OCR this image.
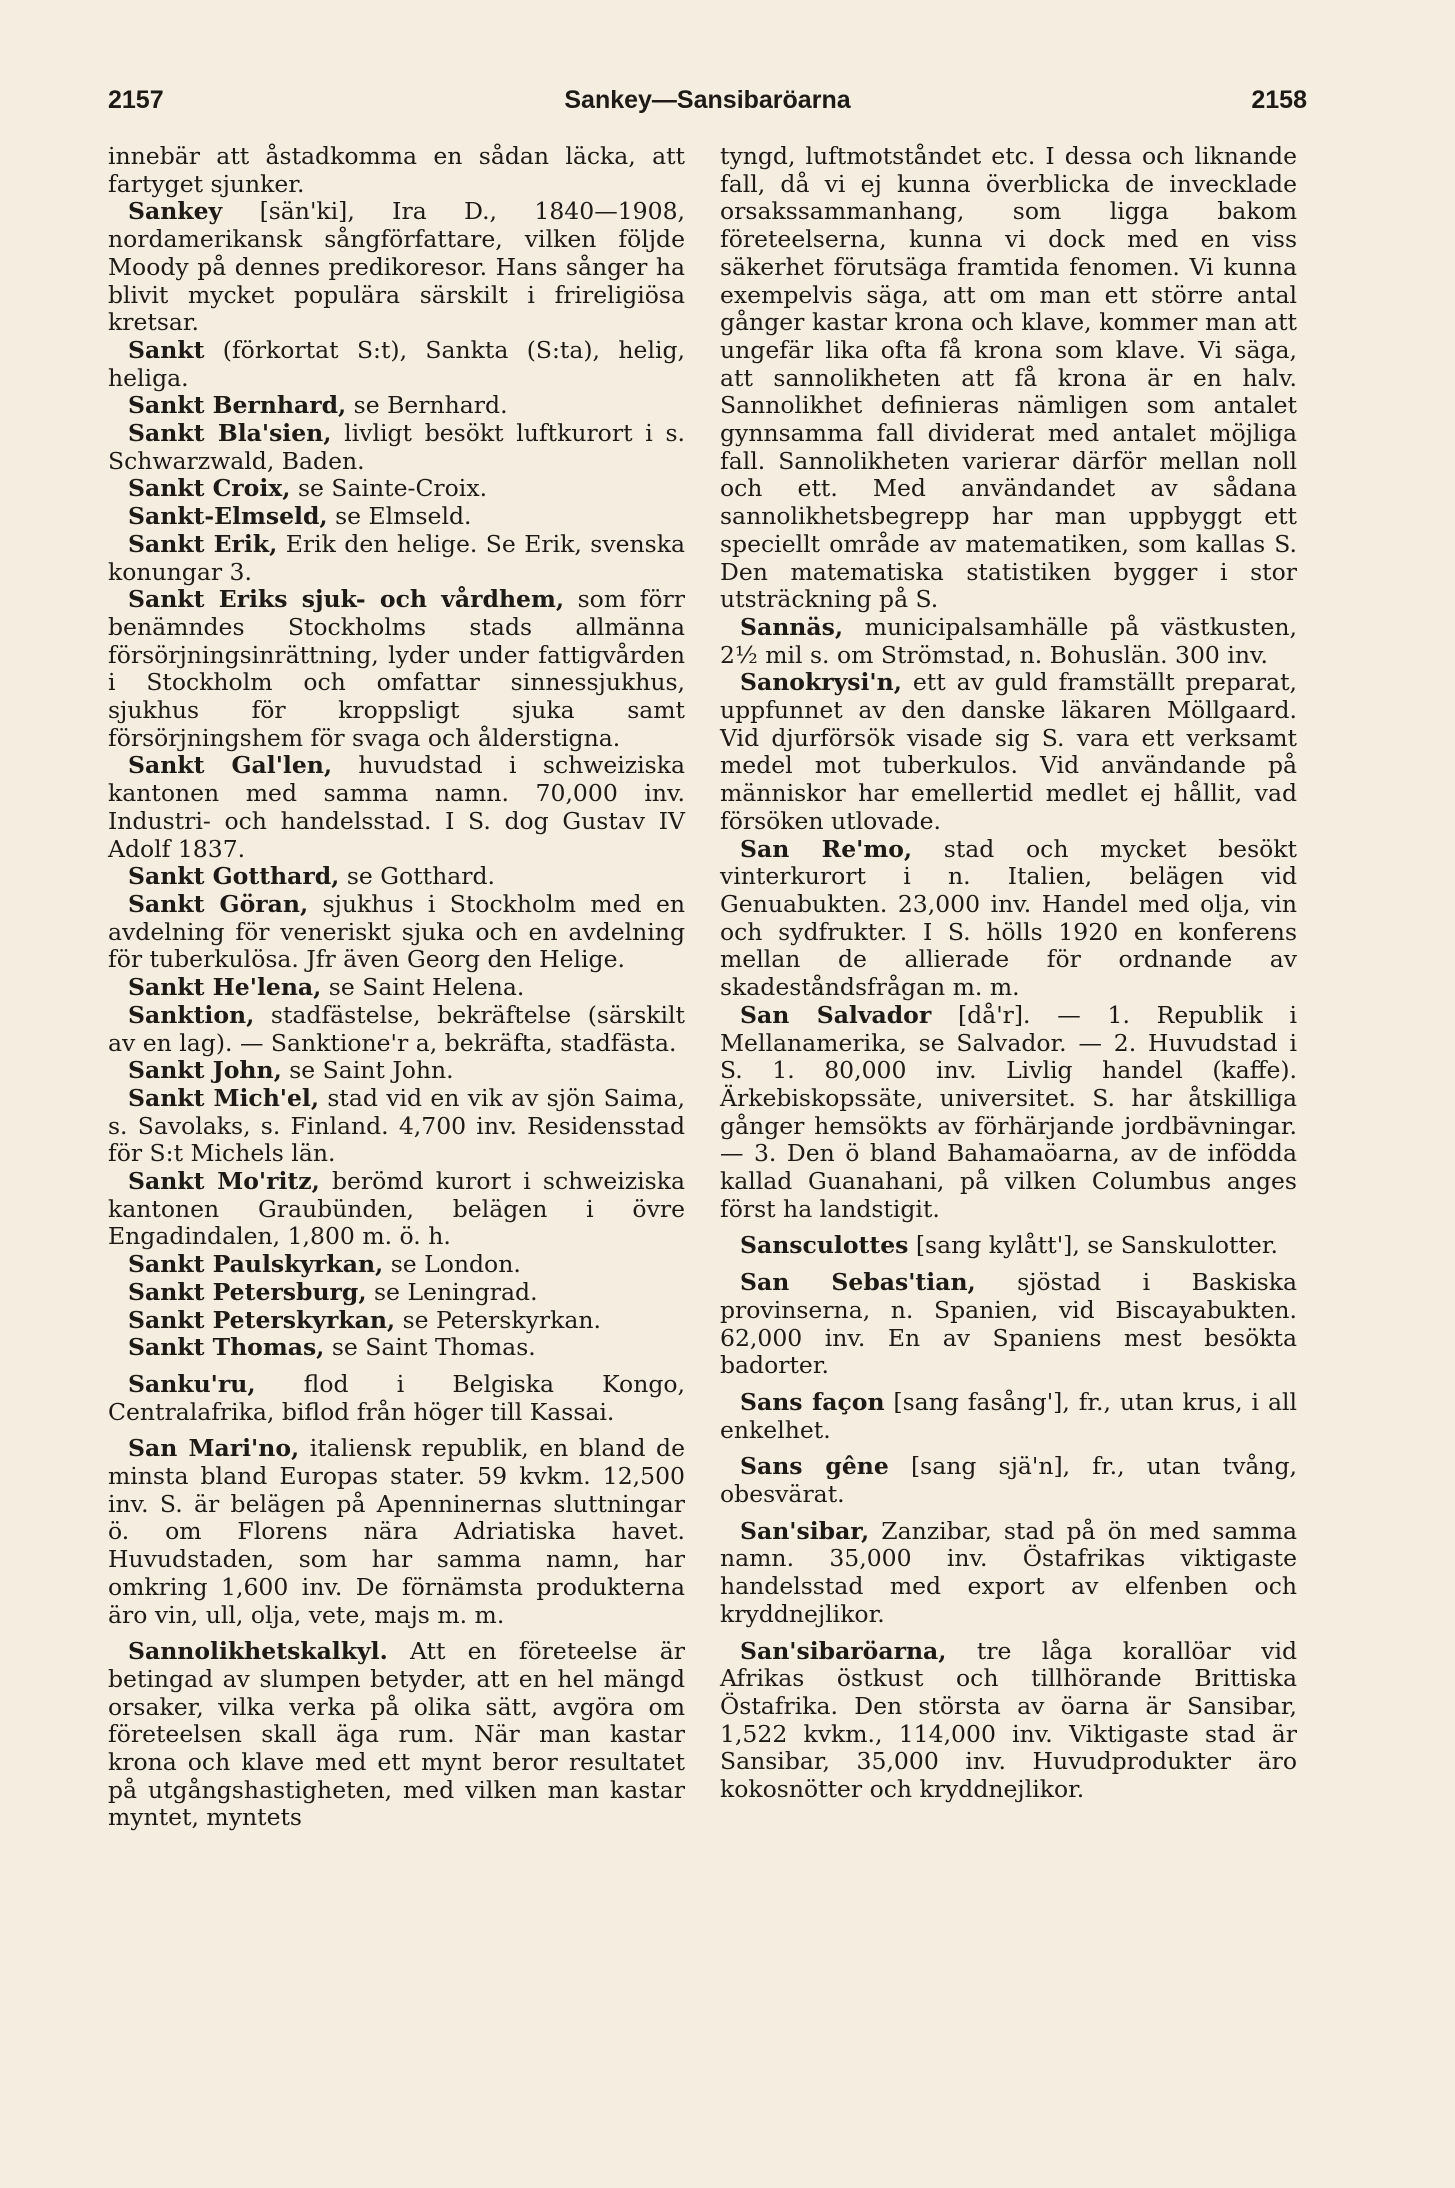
2157	Sankey—Sansibaröarna	2158

innebär att åstadkomma en sådan läcka, att fartyget sjunker.

Sankey [sän'ki], Ira D., 1840—1908, nordamerikansk sångförfattare, vilken följde Moody på dennes predikoresor. Hans sånger ha blivit mycket populära särskilt i frireligiösa kretsar.

Sankt (förkortat S:t), Sankta (S:ta), helig, heliga.

Sankt Bernhard, se Bernhard.

Sankt Bla'sien, livligt besökt luftkurort i s. Schwarzwald, Baden.

Sankt Croix, se Sainte-Croix.

Sankt-Elmseld, se Elmseld.

Sankt Erik, Erik den helige. Se Erik, svenska konungar 3.

Sankt Eriks sjuk- och vårdhem, som förr benämndes Stockholms stads allmänna försörjningsinrättning, lyder under fattigvården i Stockholm och omfattar sinnessjukhus, sjukhus för kroppsligt sjuka samt försörjningshem för svaga och ålderstigna.

Sankt Gal'len, huvudstad i schweiziska kantonen med samma namn. 70,000 inv. Industri- och handelsstad. I S. dog Gustav IV Adolf 1837.

Sankt Gotthard, se Gotthard.

Sankt Göran, sjukhus i Stockholm med en avdelning för veneriskt sjuka och en avdelning för tuberkulösa. Jfr även Georg den Helige.

Sankt He'lena, se Saint Helena.

Sanktion, stadfästelse, bekräftelse (särskilt av en lag). — Sanktione'r a, bekräfta, stadfästa.

Sankt John, se Saint John.

Sankt Mich'el, stad vid en vik av sjön Saima, s. Savolaks, s. Finland. 4,700 inv. Residensstad för S:t Michels län.

Sankt Mo'ritz, berömd kurort i schweiziska kantonen Graubünden, belägen i övre Engadindalen, 1,800 m. ö. h.

Sankt Paulskyrkan, se London.

Sankt Petersburg, se Leningrad.

Sankt Peterskyrkan, se Peterskyrkan.

Sankt Thomas, se Saint Thomas.

Sanku'ru, flod i Belgiska Kongo, Centralafrika, biflod från höger till Kassai.

San Mari'no, italiensk republik, en bland de minsta bland Europas stater. 59 kvkm. 12,500 inv. S. är belägen på Apenninernas sluttningar ö. om Florens nära Adriatiska havet. Huvudstaden, som har samma namn, har omkring 1,600 inv. De förnämsta produkterna äro vin, ull, olja, vete, majs m. m.

Sannolikhetskalkyl. Att en företeelse är betingad av slumpen betyder, att en hel mängd orsaker, vilka verka på olika sätt, avgöra om företeelsen skall äga rum. När man kastar krona och klave med ett mynt beror resultatet på utgångshastigheten, med vilken man kastar myntet, myntets

tyngd, luftmotståndet etc. I dessa och liknande fall, då vi ej kunna överblicka de invecklade orsakssammanhang, som ligga bakom företeelserna, kunna vi dock med en viss säkerhet förutsäga framtida fenomen. Vi kunna exempelvis säga, att om man ett större antal gånger kastar krona och klave, kommer man att ungefär lika ofta få krona som klave. Vi säga, att sannolikheten att få krona är en halv. Sannolikhet definieras nämligen som antalet gynnsamma fall dividerat med antalet möjliga fall. Sannolikheten varierar därför mellan noll och ett. Med användandet av sådana sannolikhetsbegrepp har man uppbyggt ett speciellt område av matematiken, som kallas S. Den matematiska statistiken bygger i stor utsträckning på S.

Sannäs, municipalsamhälle på västkusten, 2½ mil s. om Strömstad, n. Bohuslän. 300 inv.

Sanokrysi'n, ett av guld framställt preparat, uppfunnet av den danske läkaren Möllgaard. Vid djurförsök visade sig S. vara ett verksamt medel mot tuberkulos. Vid användande på människor har emellertid medlet ej hållit, vad försöken utlovade.

San Re'mo, stad och mycket besökt vinterkurort i n. Italien, belägen vid Genuabukten. 23,000 inv. Handel med olja, vin och sydfrukter. I S. hölls 1920 en konferens mellan de allierade för ordnande av skadeståndsfrågan m. m.

San Salvador [då'r]. — 1. Republik i Mellanamerika, se Salvador. — 2. Huvudstad i S. 1. 80,000 inv. Livlig handel (kaffe). Ärkebiskopssäte, universitet. S. har åtskilliga gånger hemsökts av förhärjande jordbävningar. — 3. Den ö bland Bahamaöarna, av de infödda kallad Guanahani, på vilken Columbus anges först ha landstigit.

Sansculottes [sang kylått'], se Sanskulotter.

San Sebas'tian, sjöstad i Baskiska provinserna, n. Spanien, vid Biscayabukten. 62,000 inv. En av Spaniens mest besökta badorter.

Sans façon [sang fasång'], fr., utan krus, i all enkelhet.

Sans gêne [sang sjä'n], fr., utan tvång, obesvärat.

San'sibar, Zanzibar, stad på ön med samma namn. 35,000 inv. Östafrikas viktigaste handelsstad med export av elfenben och kryddnejlikor.

San'sibaröarna, tre låga korallöar vid Afrikas östkust och tillhörande Brittiska Östafrika. Den största av öarna är Sansibar, 1,522 kvkm., 114,000 inv. Viktigaste stad är Sansibar, 35,000 inv. Huvudprodukter äro kokosnötter och kryddnejlikor.
